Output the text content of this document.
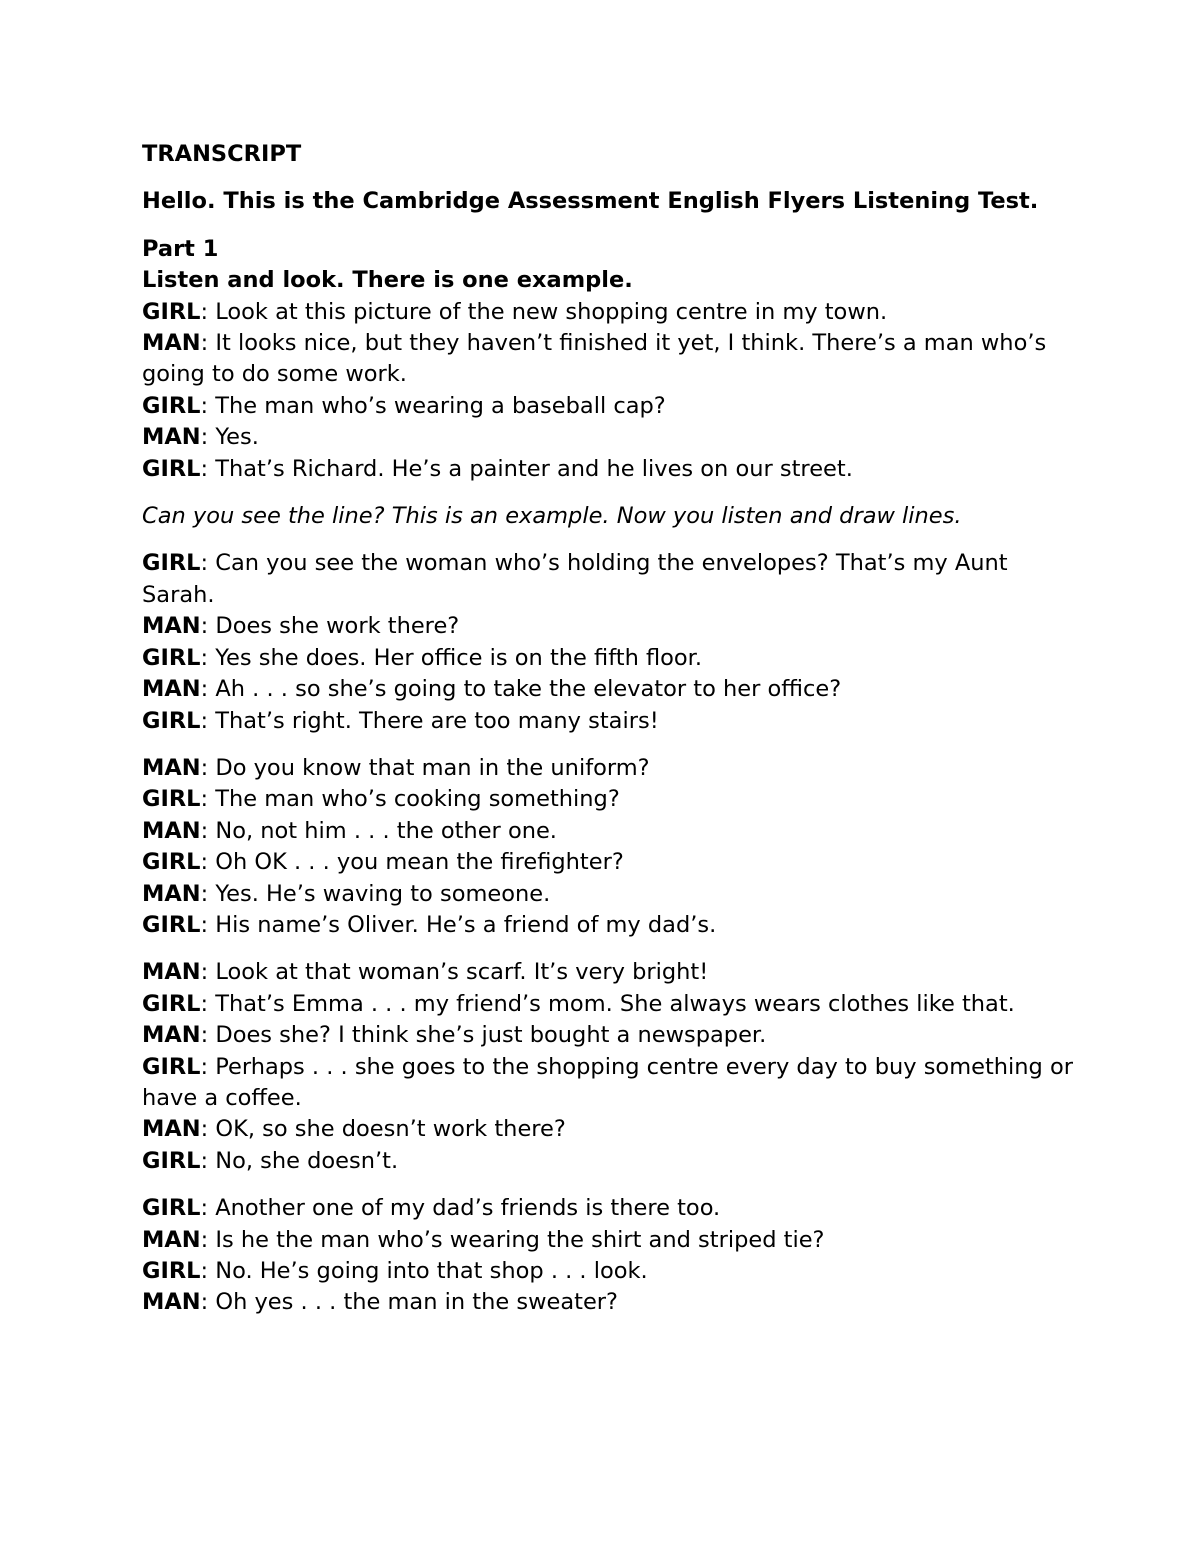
TRANSCRIPT

Hello. This is the Cambridge Assessment English Flyers Listening Test.

Part 1

Listen and look. There is one example.

GIRL: Look at this picture of the new shopping centre in my town.

MAN: It looks nice, but they haven’t finished it yet, I think. There’s a man who’s going to do some work.

GIRL: The man who’s wearing a baseball cap?

MAN: Yes.

GIRL: That’s Richard. He’s a painter and he lives on our street.

Can you see the line? This is an example. Now you listen and draw lines.

GIRL: Can you see the woman who’s holding the envelopes? That’s my Aunt Sarah.

MAN: Does she work there?

GIRL: Yes she does. Her office is on the fifth floor.

MAN: Ah . . . so she’s going to take the elevator to her office?

GIRL: That’s right. There are too many stairs!

MAN: Do you know that man in the uniform?

GIRL: The man who’s cooking something?

MAN: No, not him . . . the other one.

GIRL: Oh OK . . . you mean the firefighter?

MAN: Yes. He’s waving to someone.

GIRL: His name’s Oliver. He’s a friend of my dad’s.

MAN: Look at that woman’s scarf. It’s very bright!

GIRL: That’s Emma . . . my friend’s mom. She always wears clothes like that.

MAN: Does she? I think she’s just bought a newspaper.

GIRL: Perhaps . . . she goes to the shopping centre every day to buy something or have a coffee.

MAN: OK, so she doesn’t work there?

GIRL: No, she doesn’t.

GIRL: Another one of my dad’s friends is there too.

MAN: Is he the man who’s wearing the shirt and striped tie?

GIRL: No. He’s going into that shop . . . look.

MAN: Oh yes . . . the man in the sweater?
